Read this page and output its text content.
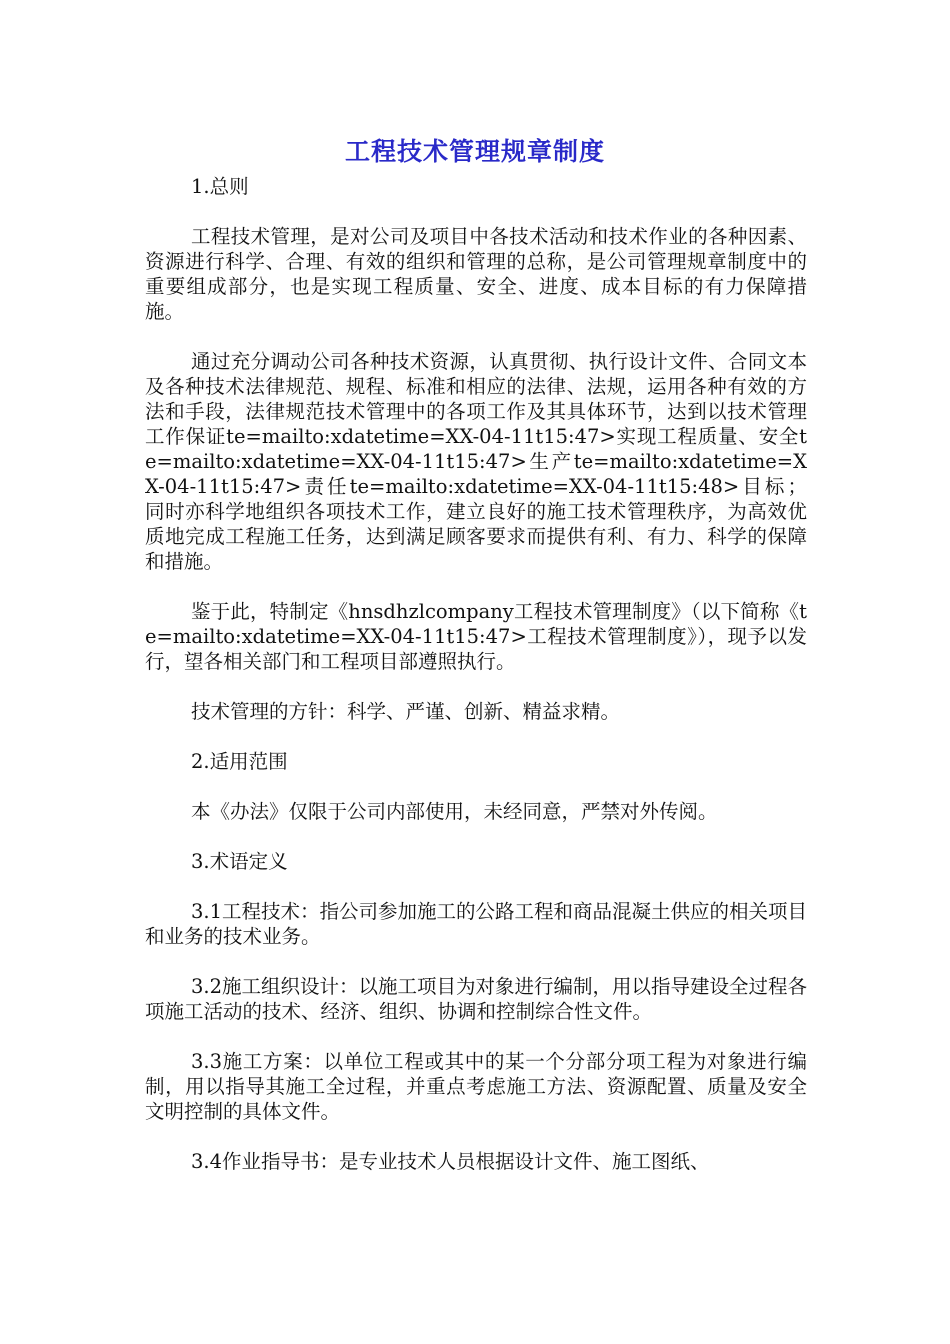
工程技术管理规章制度

1.总则

工程技术管理，是对公司及项目中各技术活动和技术作业的各种因素、资源进行科学、合理、有效的组织和管理的总称，是公司管理规章制度中的重要组成部分，也是实现工程质量、安全、进度、成本目标的有力保障措施。

通过充分调动公司各种技术资源，认真贯彻、执行设计文件、合同文本及各种技术法律规范、规程、标准和相应的法律、法规，运用各种有效的方法和手段，法律规范技术管理中的各项工作及其具体环节，达到以技术管理工作保证te=mailto:xdatetime=XX-04-11t15:47>实现工程质量、安全te=mailto:xdatetime=XX-04-11t15:47>生产te=mailto:xdatetime=XX-04-11t15:47>责任te=mailto:xdatetime=XX-04-11t15:48>目标；同时亦科学地组织各项技术工作，建立良好的施工技术管理秩序，为高效优质地完成工程施工任务，达到满足顾客要求而提供有利、有力、科学的保障和措施。

鉴于此，特制定《hnsdhzlcompany工程技术管理制度》（以下简称《te=mailto:xdatetime=XX-04-11t15:47>工程技术管理制度》），现予以发行，望各相关部门和工程项目部遵照执行。

技术管理的方针：科学、严谨、创新、精益求精。

2.适用范围

本《办法》仅限于公司内部使用，未经同意，严禁对外传阅。

3.术语定义

3.1工程技术：指公司参加施工的公路工程和商品混凝土供应的相关项目和业务的技术业务。

3.2施工组织设计：以施工项目为对象进行编制，用以指导建设全过程各项施工活动的技术、经济、组织、协调和控制综合性文件。

3.3施工方案：以单位工程或其中的某一个分部分项工程为对象进行编制，用以指导其施工全过程，并重点考虑施工方法、资源配置、质量及安全文明控制的具体文件。

3.4作业指导书：是专业技术人员根据设计文件、施工图纸、
